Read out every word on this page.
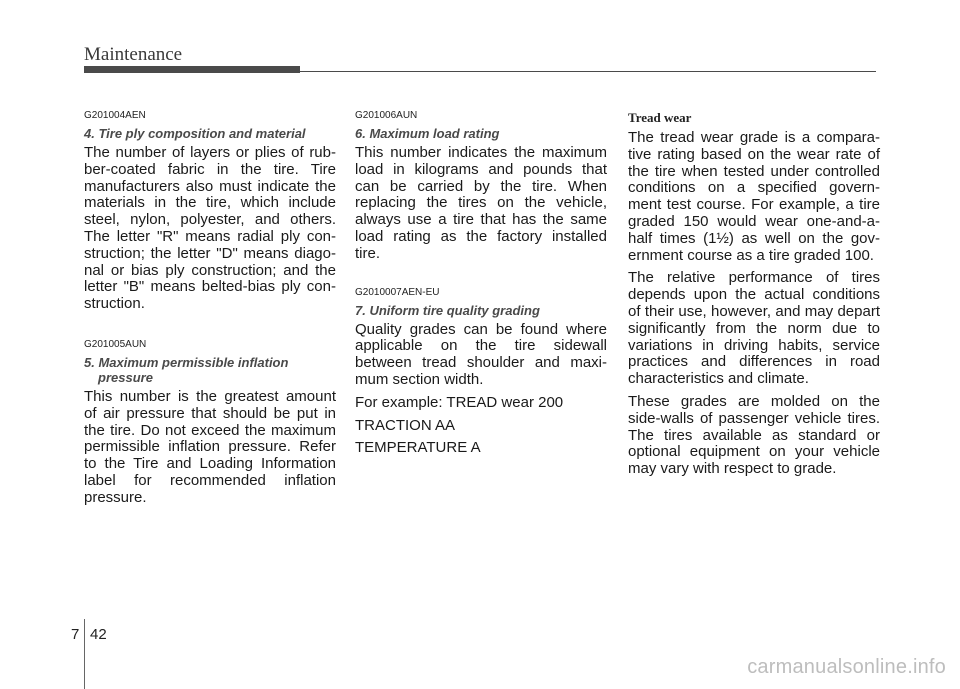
Maintenance

G201004AEN

4. Tire ply composition and material

The number of layers or plies of rub-ber-coated fabric in the tire. Tire manufacturers also must indicate the materials in the tire, which include steel, nylon, polyester, and others. The letter "R" means radial ply con-struction; the letter "D" means diago-nal or bias ply construction; and the letter "B" means belted-bias ply con-struction.

G201005AUN

5. Maximum permissible inflation
pressure

This number is the greatest amount of air pressure that should be put in the tire. Do not exceed the maximum permissible inflation pressure. Refer to the Tire and Loading Information label for recommended inflation pressure.

G201006AUN

6. Maximum load rating

This number indicates the maximum load in kilograms and pounds that can be carried by the tire. When replacing the tires on the vehicle, always use a tire that has the same load rating as the factory installed tire.

G2010007AEN-EU

7. Uniform tire quality grading

Quality grades can be found where applicable on the tire sidewall between tread shoulder and maxi-mum section width.

For example: TREAD wear 200

TRACTION AA

TEMPERATURE A

Tread wear

The tread wear grade is a compara-tive rating based on the wear rate of the tire when tested under controlled conditions on a specified govern-ment test course. For example, a tire graded 150 would wear one-and-a-half times (1½) as well on the gov-ernment course as a tire graded 100.

The relative performance of tires depends upon the actual conditions of their use, however, and may depart significantly from the norm due to variations in driving habits, service practices and differences in road characteristics and climate.

These grades are molded on the side-walls of passenger vehicle tires. The tires available as standard or optional equipment on your vehicle may vary with respect to grade.

7 42
carmanualsonline.info
